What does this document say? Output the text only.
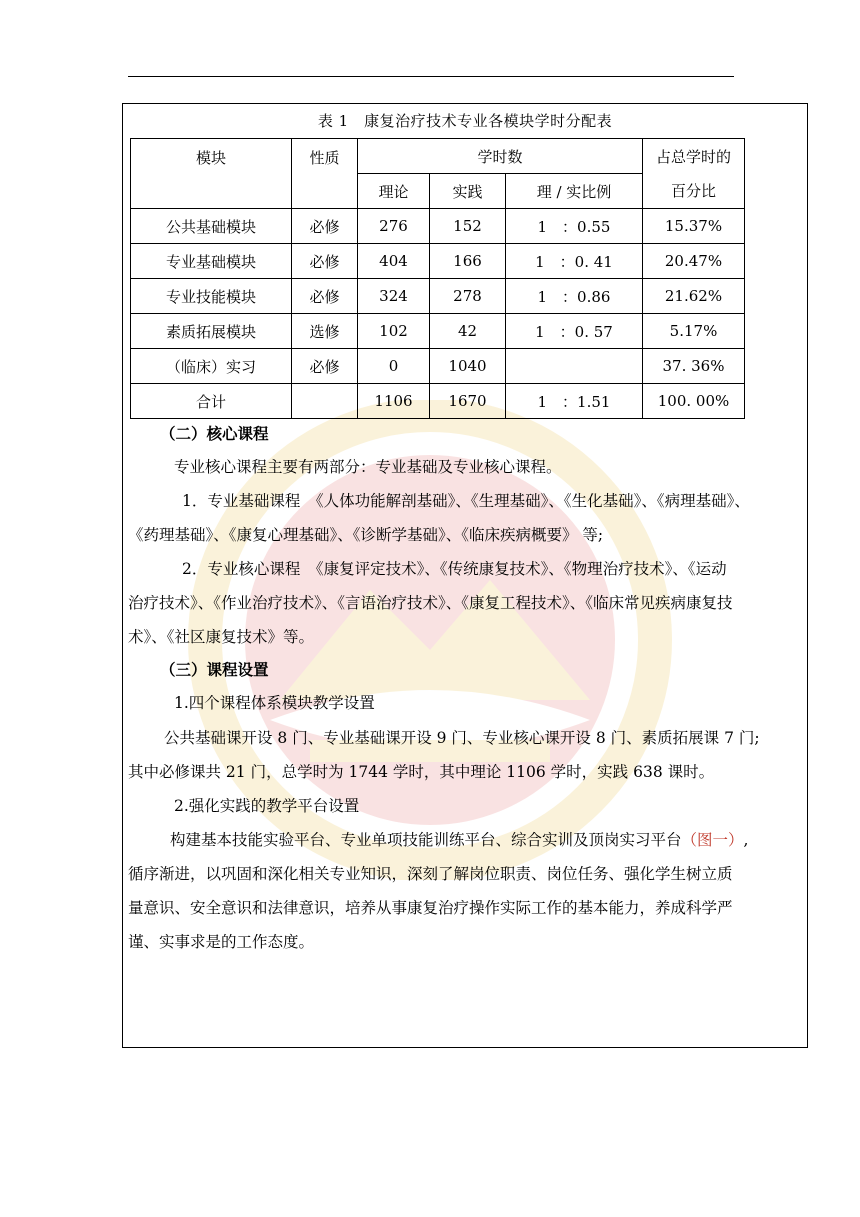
表 1　康复治疗技术专业各模块学时分配表
模块	性质	学时数			占总学时的
百分比

		理论	实践	理 / 实比例	
公共基础模块	必修	276	152	1　：0.55	15.37%
专业基础模块	必修	404	166	1　：0. 41	20.47%
专业技能模块	必修	324	278	1　：0.86	21.62%
素质拓展模块	选修	102	42	1　：0. 57	5.17%
（临床）实习	必修	0	1040		37. 36%
合计		1106	1670	1　：1.51	100. 00%
（二）核心课程
专业核心课程主要有两部分：专业基础及专业核心课程。
1．专业基础课程　《人体功能解剖基础》、《生理基础》、《生化基础》、《病理基础》、
《药理基础》、《康复心理基础》、《诊断学基础》、《临床疾病概要》 等;
2．专业核心课程　《康复评定技术》、《传统康复技术》、《物理治疗技术》、《运动
治疗技术》、《作业治疗技术》、《言语治疗技术》、《康复工程技术》、《临床常见疾病康复技
术》、《社区康复技术》等。
（三）课程设置
1.四个课程体系模块教学设置
公共基础课开设 8 门、专业基础课开设 9 门、专业核心课开设 8 门、素质拓展课 7 门;
其中必修课共 21 门，总学时为 1744 学时，其中理论 1106 学时，实践 638 课时。
2.强化实践的教学平台设置
构建基本技能实验平台、专业单项技能训练平台、综合实训及顶岗实习平台（图一）,
循序渐进，以巩固和深化相关专业知识，深刻了解岗位职责、岗位任务、强化学生树立质
量意识、安全意识和法律意识，培养从事康复治疗操作实际工作的基本能力，养成科学严
谨、实事求是的工作态度。
